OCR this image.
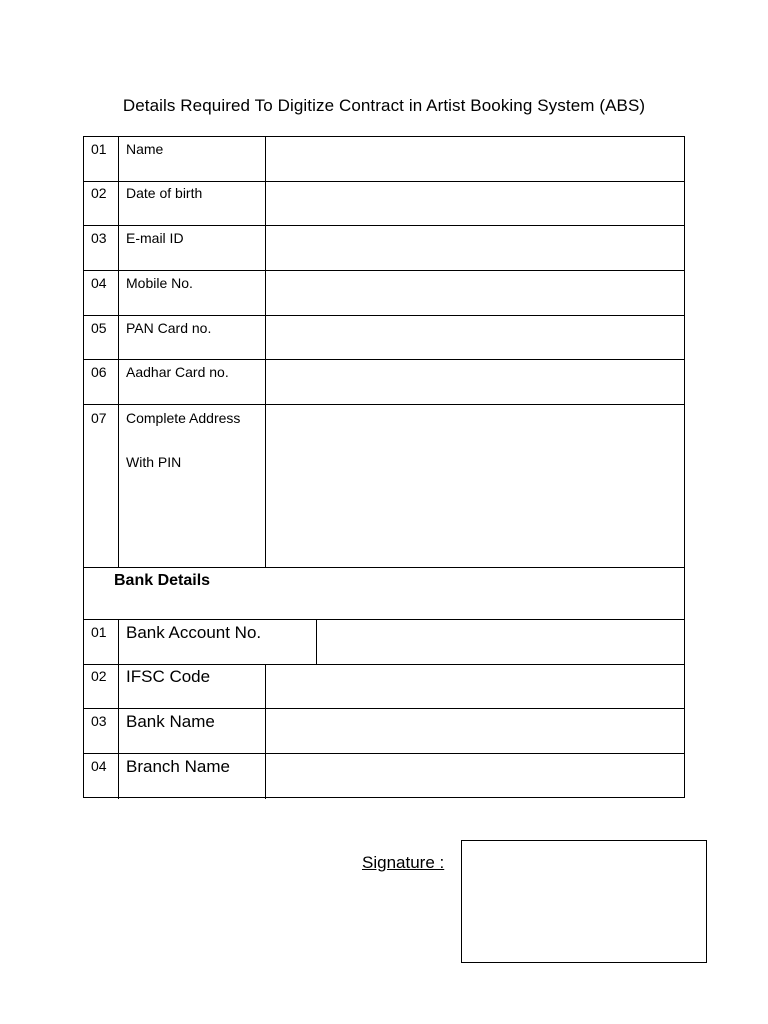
Details Required To Digitize Contract in Artist Booking System (ABS)
01 Name
02 Date of birth
03 E-mail ID
04 Mobile No.
05 PAN Card no.
06 Aadhar Card no.
07 Complete Address
With PIN
Bank Details
01 Bank Account No.
02 IFSC Code
03 Bank Name
04 Branch Name
Signature :
